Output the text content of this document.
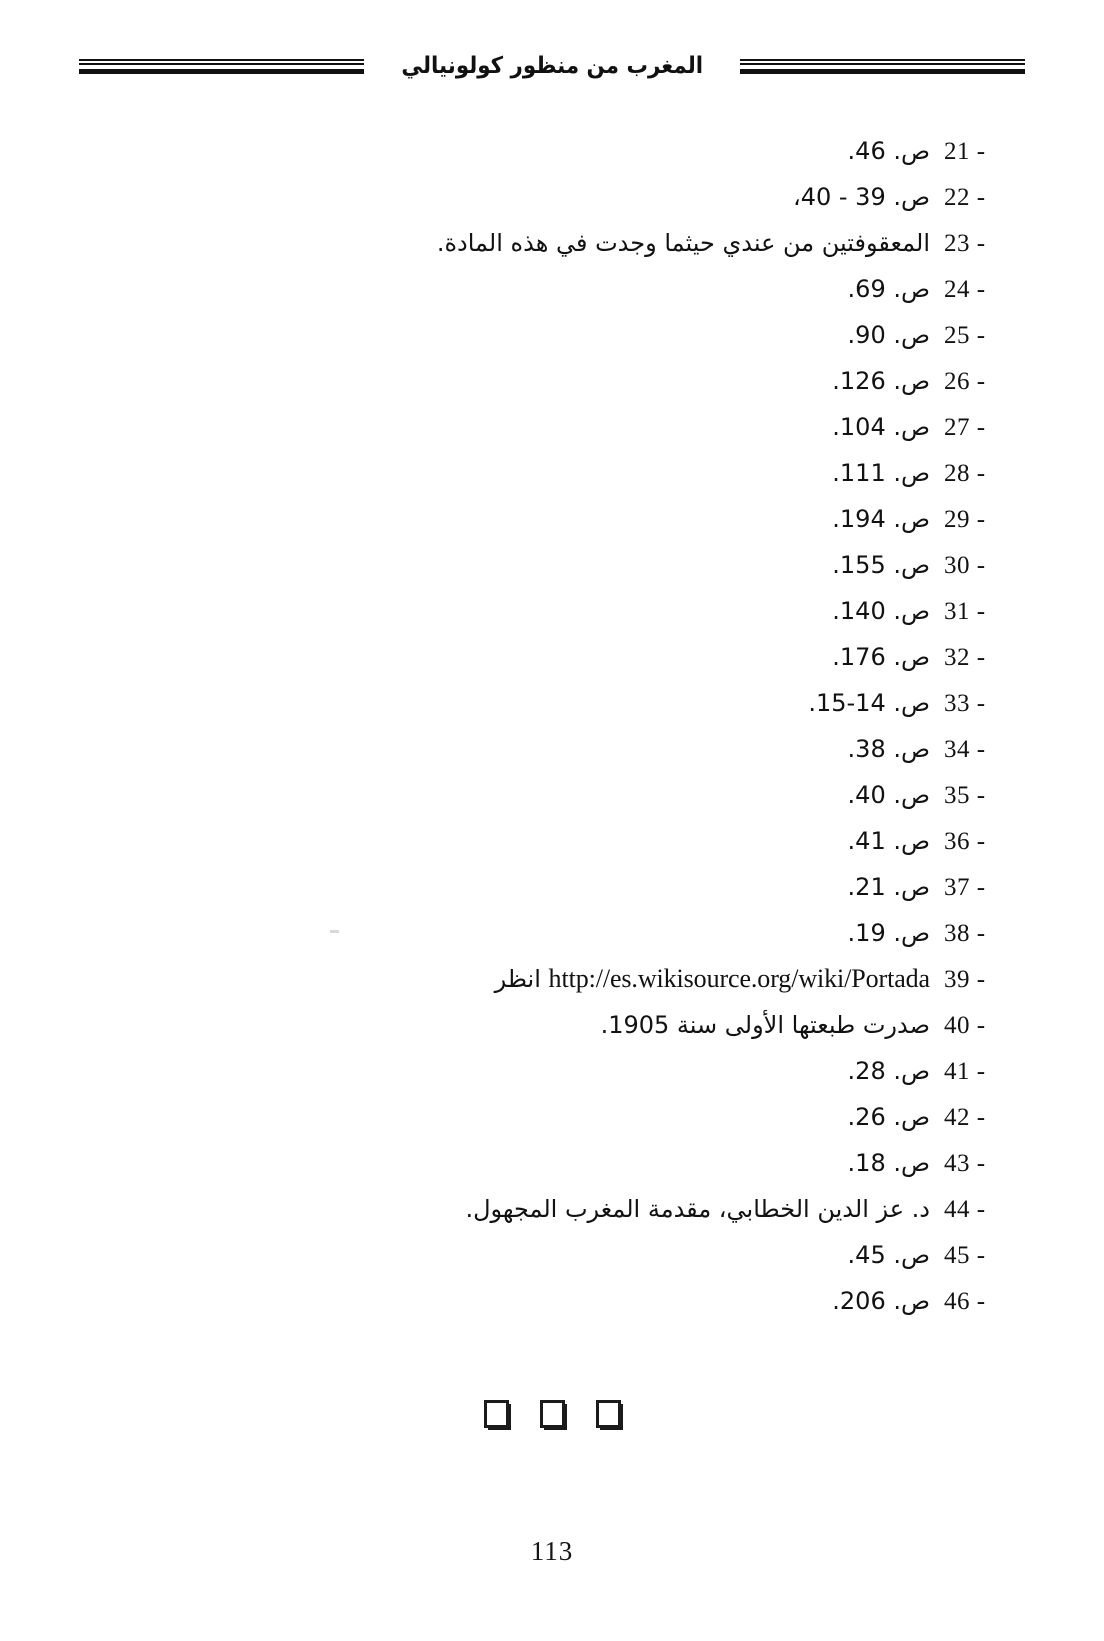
المغرب من منظور كولونيالي
21 -
ص. 46.
22 -
ص. 39 - 40،
23 -
المعقوفتين من عندي حيثما وجدت في هذه المادة.
24 -
ص. 69.
25 -
ص. 90.
26 -
ص. 126.
27 -
ص. 104.
28 -
ص. 111.
29 -
ص. 194.
30 -
ص. 155.
31 -
ص. 140.
32 -
ص. 176.
33 -
ص. 14-15.
34 -
ص. 38.
35 -
ص. 40.
36 -
ص. 41.
37 -
ص. 21.
38 -
ص. 19.
39 -
http://es.wikisource.org/wiki/Portada انظر
40 -
صدرت طبعتها الأولى سنة 1905.
41 -
ص. 28.
42 -
ص. 26.
43 -
ص. 18.
44 -
د. عز الدين الخطابي، مقدمة المغرب المجهول.
45 -
ص. 45.
46 -
ص. 206.
113
